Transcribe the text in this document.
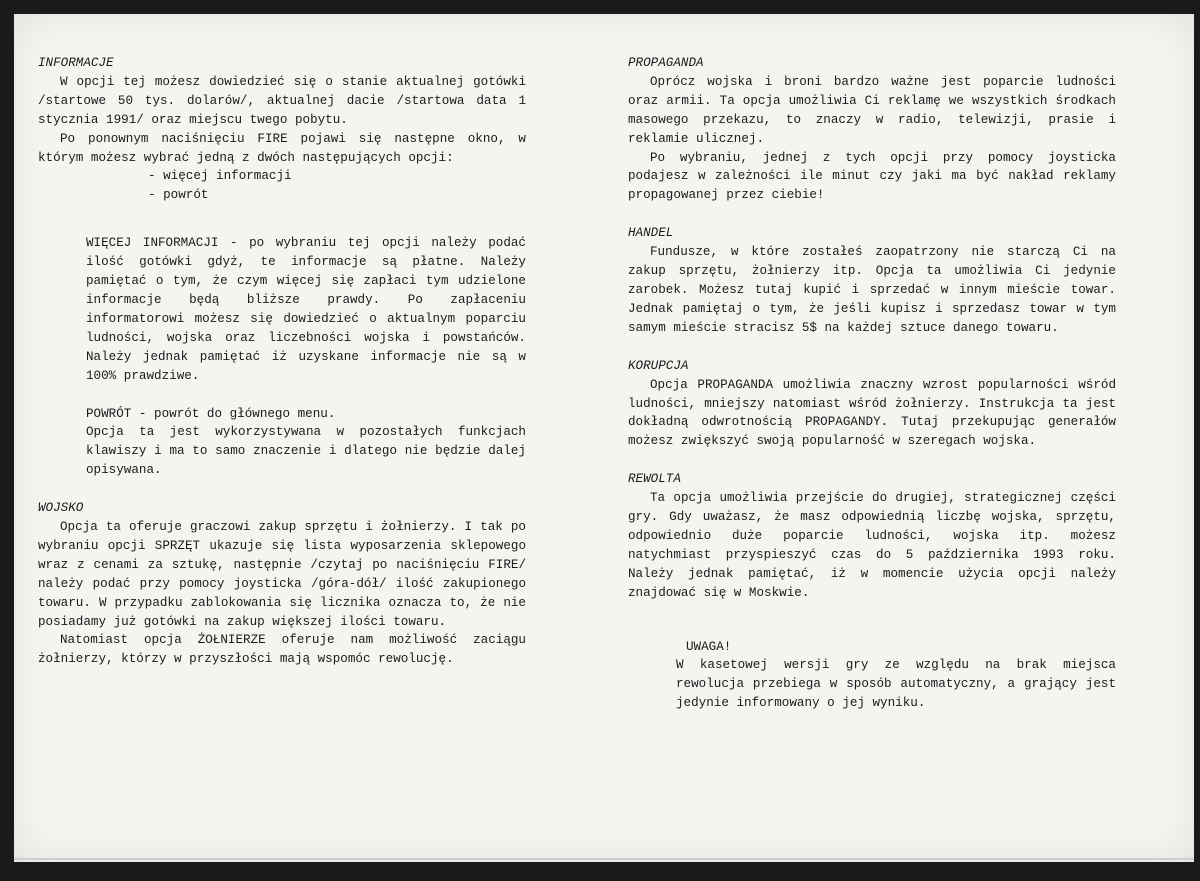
INFORMACJE

W opcji tej możesz dowiedzieć się o stanie aktualnej gotówki /startowe 50 tys. dolarów/, aktualnej dacie /startowa data 1 stycznia 1991/ oraz miejscu twego pobytu.

Po ponownym naciśnięciu FIRE pojawi się następne okno, w którym możesz wybrać jedną z dwóch następujących opcji:

- więcej informacji
- powrót

WIĘCEJ INFORMACJI - po wybraniu tej opcji należy podać ilość gotówki gdyż, te informacje są płatne. Należy pamiętać o tym, że czym więcej się zapłaci tym udzielone informacje będą bliższe prawdy. Po zapłaceniu informatorowi możesz się dowiedzieć o aktualnym poparciu ludności, wojska oraz liczebności wojska i powstańców. Należy jednak pamiętać iż uzyskane informacje nie są w 100% prawdziwe.

POWRÓT - powrót do głównego menu.

Opcja ta jest wykorzystywana w pozostałych funkcjach klawiszy i ma to samo znaczenie i dlatego nie będzie dalej opisywana.

WOJSKO

Opcja ta oferuje graczowi zakup sprzętu i żołnierzy. I tak po wybraniu opcji SPRZĘT ukazuje się lista wyposarzenia sklepowego wraz z cenami za sztukę, następnie /czytaj po naciśnięciu FIRE/ należy podać przy pomocy joysticka /góra-dół/ ilość zakupionego towaru. W przypadku zablokowania się licznika oznacza to, że nie posiadamy już gotówki na zakup większej ilości towaru.

Natomiast opcja ŻOŁNIERZE oferuje nam możliwość zaciągu żołnierzy, którzy w przyszłości mają wspomóc rewolucję.

PROPAGANDA

Oprócz wojska i broni bardzo ważne jest poparcie ludności oraz armii. Ta opcja umożliwia Ci reklamę we wszystkich środkach masowego przekazu, to znaczy w radio, telewizji, prasie i reklamie ulicznej.

Po wybraniu, jednej z tych opcji przy pomocy joysticka podajesz w zależności ile minut czy jaki ma być nakład reklamy propagowanej przez ciebie!

HANDEL

Fundusze, w które zostałeś zaopatrzony nie starczą Ci na zakup sprzętu, żołnierzy itp. Opcja ta umożliwia Ci jedynie zarobek. Możesz tutaj kupić i sprzedać w innym mieście towar. Jednak pamiętaj o tym, że jeśli kupisz i sprzedasz towar w tym samym mieście stracisz 5$ na każdej sztuce danego towaru.

KORUPCJA

Opcja PROPAGANDA umożliwia znaczny wzrost popularności wśród ludności, mniejszy natomiast wśród żołnierzy. Instrukcja ta jest dokładną odwrotnością PROPAGANDY. Tutaj przekupując generałów możesz zwiększyć swoją popularność w szeregach wojska.

REWOLTA

Ta opcja umożliwia przejście do drugiej, strategicznej części gry. Gdy uważasz, że masz odpowiednią liczbę wojska, sprzętu, odpowiednio duże poparcie ludności, wojska itp. możesz natychmiast przyspieszyć czas do 5 października 1993 roku. Należy jednak pamiętać, iż w momencie użycia opcji należy znajdować się w Moskwie.

UWAGA!

W kasetowej wersji gry ze względu na brak miejsca rewolucja przebiega w sposób automatyczny, a grający jest jedynie informowany o jej wyniku.
